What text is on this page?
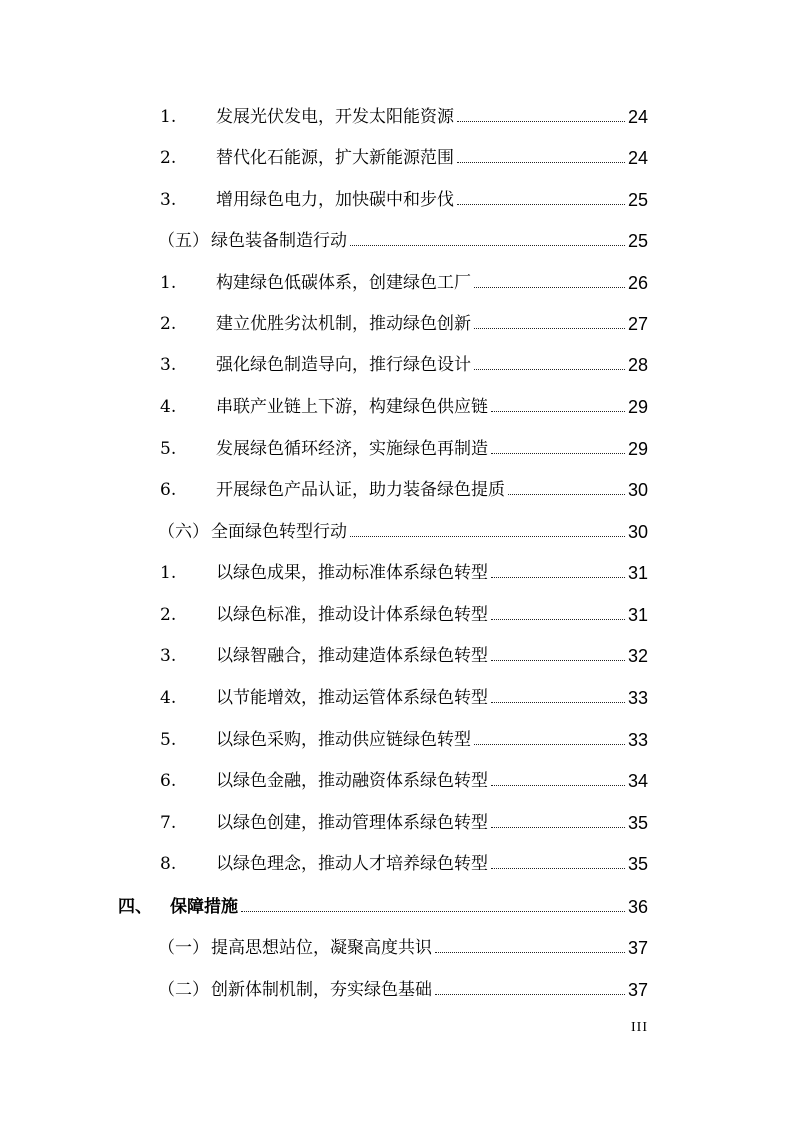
1.	发展光伏发电，开发太阳能资源	24
2.	替代化石能源，扩大新能源范围	24
3.	增用绿色电力，加快碳中和步伐	25
（五） 绿色装备制造行动	25
1.	构建绿色低碳体系，创建绿色工厂	26
2.	建立优胜劣汰机制，推动绿色创新	27
3.	强化绿色制造导向，推行绿色设计	28
4.	串联产业链上下游，构建绿色供应链	29
5.	发展绿色循环经济，实施绿色再制造	29
6.	开展绿色产品认证，助力装备绿色提质	30
（六） 全面绿色转型行动	30
1.	以绿色成果，推动标准体系绿色转型	31
2.	以绿色标准，推动设计体系绿色转型	31
3.	以绿智融合，推动建造体系绿色转型	32
4.	以节能增效，推动运管体系绿色转型	33
5.	以绿色采购，推动供应链绿色转型	33
6.	以绿色金融，推动融资体系绿色转型	34
7.	以绿色创建，推动管理体系绿色转型	35
8.	以绿色理念，推动人才培养绿色转型	35
四、	保障措施	36
（一） 提高思想站位，凝聚高度共识	37
（二） 创新体制机制，夯实绿色基础	37
III
